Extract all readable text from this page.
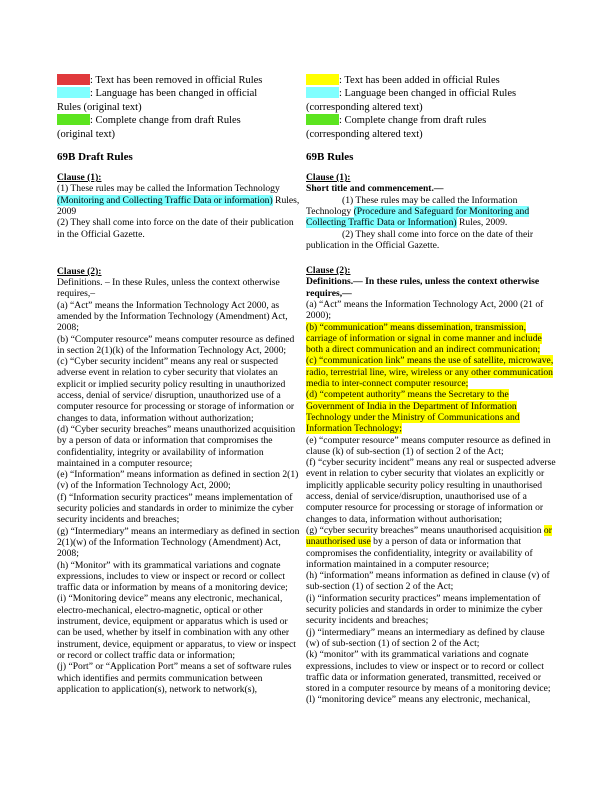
: Text has been removed in official Rules

: Language has been changed in official Rules (original text)

: Complete change from draft Rules (original text)

69B Draft Rules

Clause (1):

(1) These rules may be called the Information Technology (Monitoring and Collecting Traffic Data or information) Rules, 2009

(2) They shall come into force on the date of their publication in the Official Gazette.

Clause (2):

Definitions. – In these Rules, unless the context otherwise requires,–

(a) “Act” means the Information Technology Act 2000, as amended by the Information Technology (Amendment) Act, 2008;

(b) “Computer resource” means computer resource as defined in section 2(1)(k) of the Information Technology Act, 2000;

(c) “Cyber security incident” means any real or suspected adverse event in relation to cyber security that violates an explicit or implied security policy resulting in unauthorized access, denial of service/ disruption, unauthorized use of a computer resource for processing or storage of information or changes to data, information without authorization;

(d) “Cyber security breaches” means unauthorized acquisition by a person of data or information that compromises the confidentiality, integrity or availability of information maintained in a computer resource;

(e) “Information” means information as defined in section 2(1)(v) of the Information Technology Act, 2000;

(f) “Information security practices” means implementation of security policies and standards in order to minimize the cyber security incidents and breaches;

(g) “Intermediary” means an intermediary as defined in section 2(1)(w) of the Information Technology (Amendment) Act, 2008;

(h) “Monitor” with its grammatical variations and cognate expressions, includes to view or inspect or record or collect traffic data or information by means of a monitoring device;

(i) “Monitoring device” means any electronic, mechanical, electro-mechanical, electro-magnetic, optical or other instrument, device, equipment or apparatus which is used or can be used, whether by itself in combination with any other instrument, device, equipment or apparatus, to view or inspect or record or collect traffic data or information;

(j) “Port” or “Application Port” means a set of software rules which identifies and permits communication between application to application(s), network to network(s),

: Text has been added in official Rules

: Language been changed in official Rules (corresponding altered text)

: Complete change from draft rules (corresponding altered text)

69B Rules

Clause (1):

Short title and commencement.—

(1) These rules may be called the Information Technology (Procedure and Safeguard for Monitoring and Collecting Traffic Data or Information) Rules, 2009.

(2) They shall come into force on the date of their publication in the Official Gazette.

Clause (2):

Definitions.— In these rules, unless the context otherwise requires,—

(a) “Act” means the Information Technology Act, 2000 (21 of 2000);

(b) “communication” means dissemination, transmission, carriage of information or signal in come manner and include both a direct communication and an indirect communication;

(c) “communication link” means the use of satellite, microwave, radio, terrestrial line, wire, wireless or any other communication media to inter-connect computer resource;

(d) “competent authority” means the Secretary to the Government of India in the Department of Information Technology under the Ministry of Communications and Information Technology;

(e) “computer resource” means computer resource as defined in clause (k) of sub-section (1) of section 2 of the Act;

(f) “cyber security incident” means any real or suspected adverse event in relation to cyber security that violates an explicitly or implicitly applicable security policy resulting in unauthorised access, denial of service/disruption, unauthorised use of a computer resource for processing or storage of information or changes to data, information without authorisation;

(g) “cyber security breaches” means unauthorised acquisition or unauthorised use by a person of data or information that compromises the confidentiality, integrity or availability of information maintained in a computer resource;

(h) “information” means information as defined in clause (v) of sub-section (1) of section 2 of the Act;

(i) “information security practices” means implementation of security policies and standards in order to minimize the cyber security incidents and breaches;

(j) “intermediary” means an intermediary as defined by clause (w) of sub-section (1) of section 2 of the Act;

(k) “monitor” with its grammatical variations and cognate expressions, includes to view or inspect or to record or collect traffic data or information generated, transmitted, received or stored in a computer resource by means of a monitoring device;

(l) “monitoring device” means any electronic, mechanical,
